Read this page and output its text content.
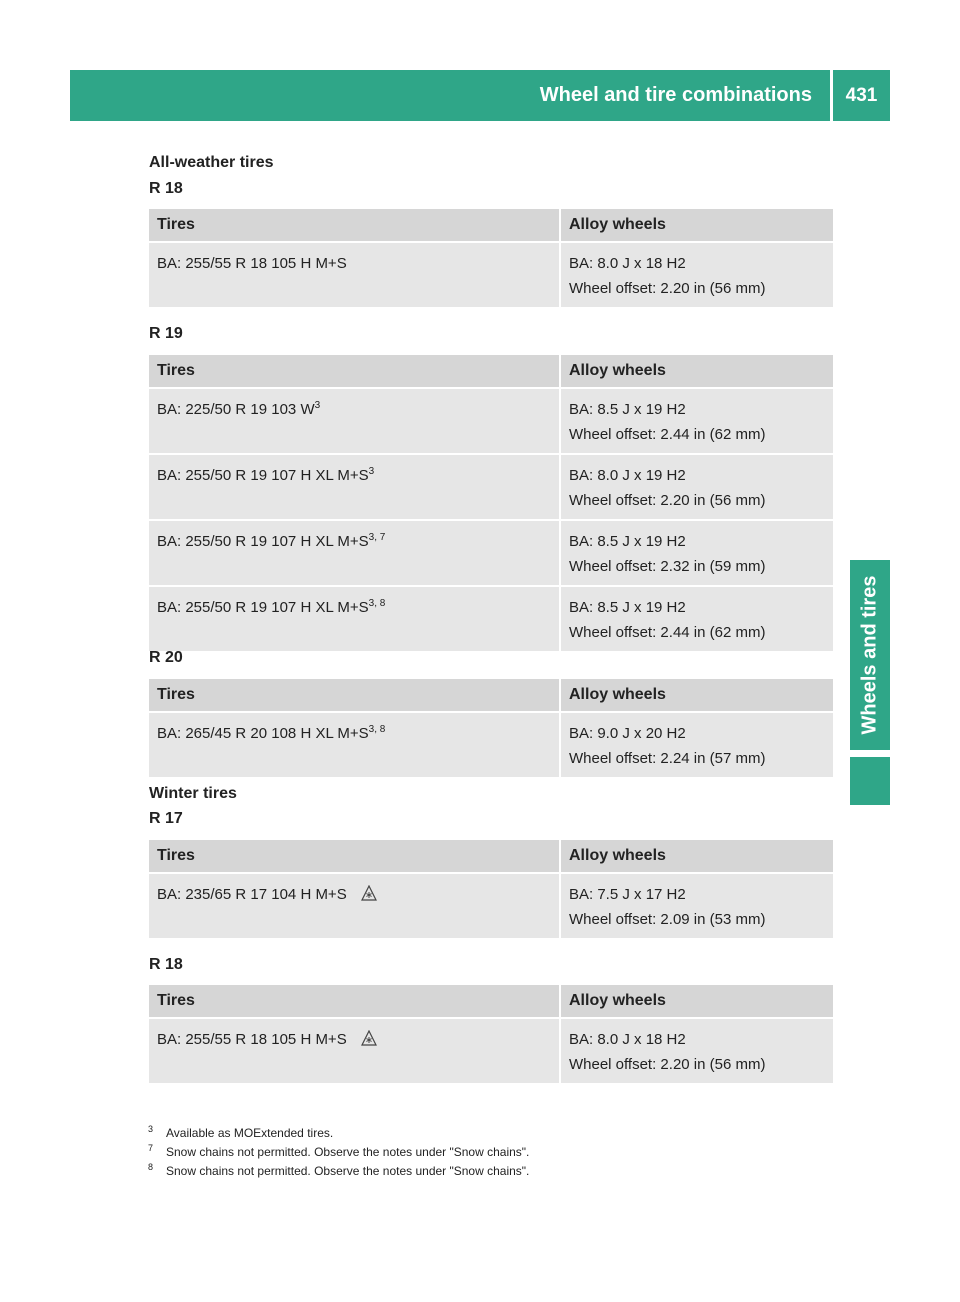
Wheel and tire combinations	431
Wheels and tires
All-weather tires
R 18
Tires	Alloy wheels
BA: 255/55 R 18 105 H M+S	BA: 8.0 J x 18 H2
Wheel offset: 2.20 in (56 mm)
R 19
Tires	Alloy wheels
BA: 225/50 R 19 103 $W^3$	BA: 8.5 J x 19 H2
Wheel offset: 2.44 in (62 mm)

BA: 255/50 R 19 107 H XL $M+S^3$	BA: 8.0 J x 19 H2
Wheel offset: 2.20 in (56 mm)

BA: 255/50 R 19 107 H XL $M+S^{3, 7}$	BA: 8.5 J x 19 H2
Wheel offset: 2.32 in (59 mm)

BA: 255/50 R 19 107 H XL $M+S^{3, 8}$	BA: 8.5 J x 19 H2
Wheel offset: 2.44 in (62 mm)
R 20
Tires	Alloy wheels
BA: 265/45 R 20 108 H XL $M+S^{3, 8}$	BA: 9.0 J x 20 H2
Wheel offset: 2.24 in (57 mm)
Winter tires
R 17
Tires	Alloy wheels
BA: 235/65 R 17 104 H M+S	BA: 7.5 J x 17 H2
Wheel offset: 2.09 in (53 mm)
R 18
Tires	Alloy wheels
BA: 255/55 R 18 105 H M+S	BA: 8.0 J x 18 H2
Wheel offset: 2.20 in (56 mm)
3 Available as MOExtended tires.
7 Snow chains not permitted. Observe the notes under "Snow chains".
8 Snow chains not permitted. Observe the notes under "Snow chains".
